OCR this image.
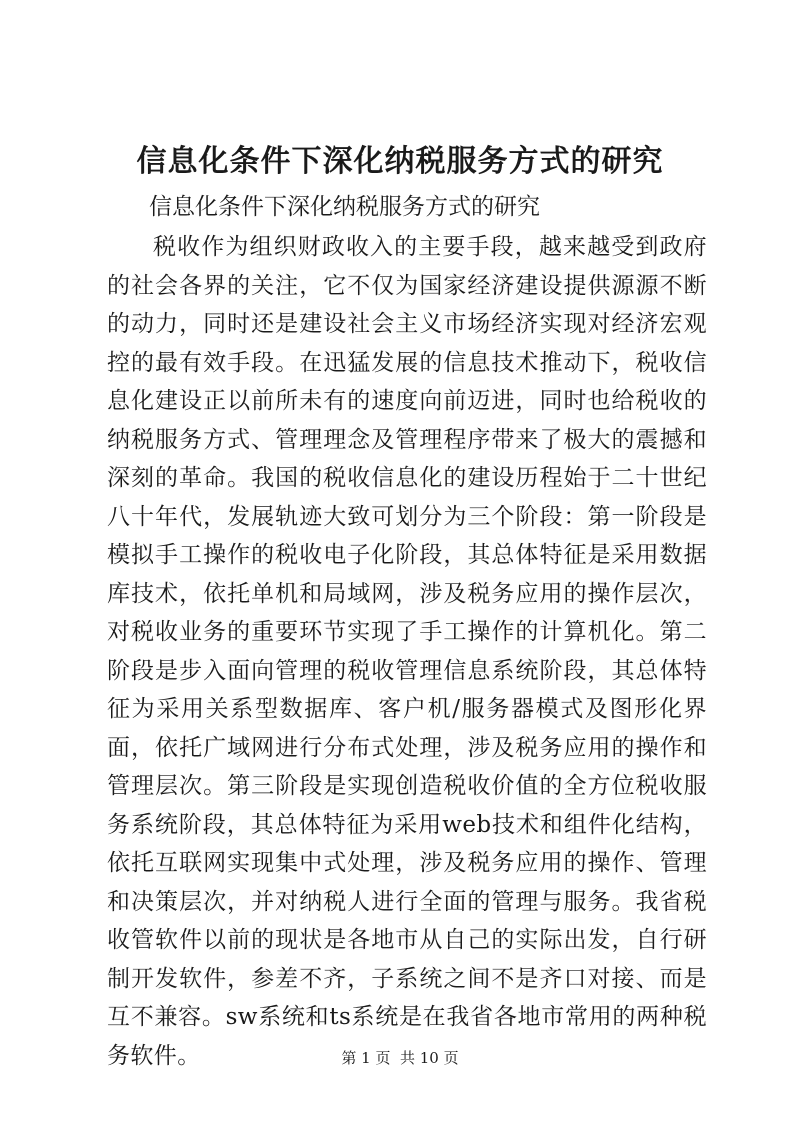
信息化条件下深化纳税服务方式的研究
信息化条件下深化纳税服务方式的研究

税收作为组织财政收入的主要手段，越来越受到政府的社会各界的关注，它不仅为国家经济建设提供源源不断的动力，同时还是建设社会主义市场经济实现对经济宏观控的最有效手段。在迅猛发展的信息技术推动下，税收信息化建设正以前所未有的速度向前迈进，同时也给税收的纳税服务方式、管理理念及管理程序带来了极大的震撼和深刻的革命。我国的税收信息化的建设历程始于二十世纪八十年代，发展轨迹大致可划分为三个阶段：第一阶段是模拟手工操作的税收电子化阶段，其总体特征是采用数据库技术，依托单机和局域网，涉及税务应用的操作层次，对税收业务的重要环节实现了手工操作的计算机化。第二阶段是步入面向管理的税收管理信息系统阶段，其总体特征为采用关系型数据库、客户机/服务器模式及图形化界面，依托广域网进行分布式处理，涉及税务应用的操作和管理层次。第三阶段是实现创造税收价值的全方位税收服务系统阶段，其总体特征为采用web技术和组件化结构，依托互联网实现集中式处理，涉及税务应用的操作、管理和决策层次，并对纳税人进行全面的管理与服务。我省税收管软件以前的现状是各地市从自己的实际出发，自行研制开发软件，参差不齐，子系统之间不是齐口对接、而是互不兼容。sw系统和ts系统是在我省各地市常用的两种税务软件。	第 1 页  共 10 页
